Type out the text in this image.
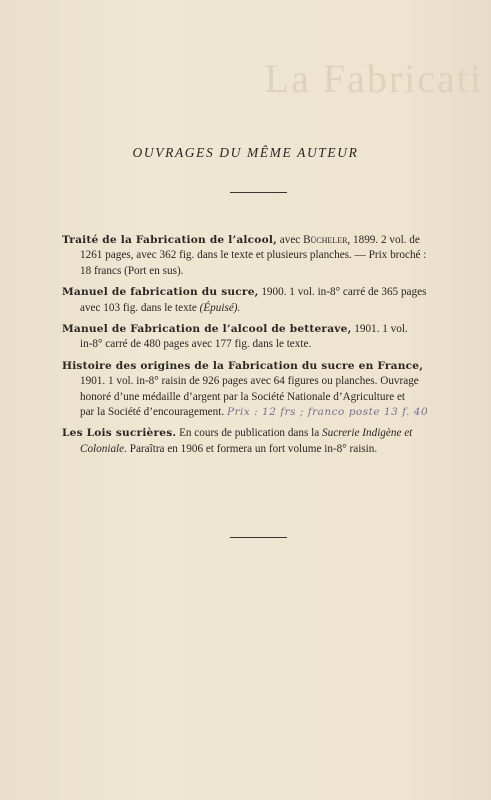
La Fabricati
OUVRAGES DU MÊME AUTEUR
Traité de la Fabrication de l’alcool, avec Bücheler, 1899. 2 vol. de
1261 pages, avec 362 fig. dans le texte et plusieurs planches. — Prix broché :
18 francs (Port en sus).
Manuel de fabrication du sucre, 1900. 1 vol. in-8° carré de 365 pages
avec 103 fig. dans le texte (Épuisé).
Manuel de Fabrication de l’alcool de betterave, 1901. 1 vol.
in-8° carré de 480 pages avec 177 fig. dans le texte.
Histoire des origines de la Fabrication du sucre en France,
1901. 1 vol. in-8° raisin de 926 pages avec 64 figures ou planches. Ouvrage
honoré d’une médaille d’argent par la Société Nationale d’Agriculture et
par la Société d’encouragement. Prix : 12 frs ; franco poste 13 f. 40
Les Lois sucrières. En cours de publication dans la Sucrerie Indigène et
Coloniale. Paraîtra en 1906 et formera un fort volume in-8° raisin.
